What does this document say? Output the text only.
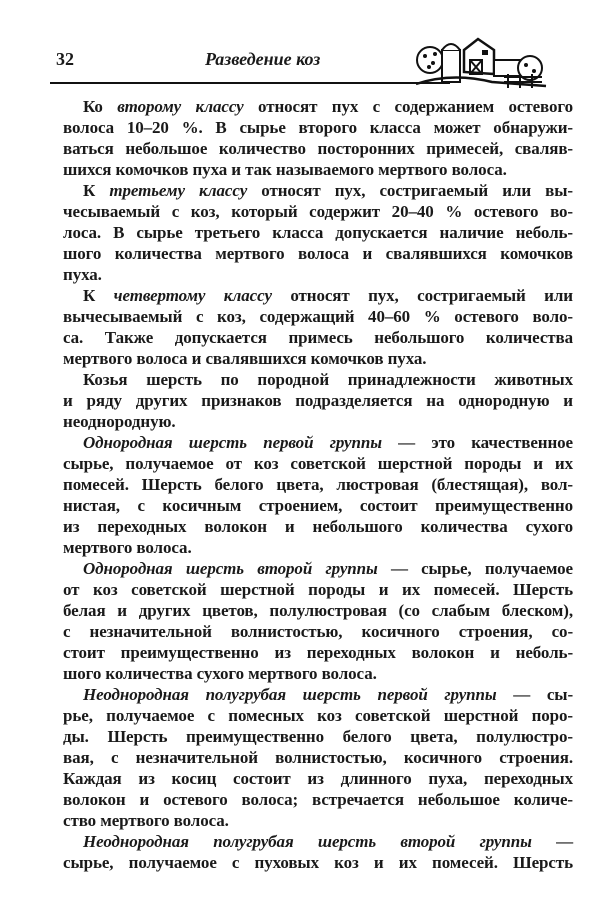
32	Разведение коз
Ко второму классу относят пух с содержанием остевого
волоса 10–20 %. В сырье второго класса может обнаружи-
ваться небольшое количество посторонних примесей, сваляв-
шихся комочков пуха и так называемого мертвого волоса.
К третьему классу относят пух, состригаемый или вы-
чесываемый с коз, который содержит 20–40 % остевого во-
лоса. В сырье третьего класса допускается наличие неболь-
шого количества мертвого волоса и свалявшихся комочков
пуха.
К четвертому классу относят пух, состригаемый или
вычесываемый с коз, содержащий 40–60 % остевого воло-
са. Также допускается примесь небольшого количества
мертвого волоса и свалявшихся комочков пуха.
Козья шерсть по породной принадлежности животных
и ряду других признаков подразделяется на однородную и
неоднородную.
Однородная шерсть первой группы — это качественное
сырье, получаемое от коз советской шерстной породы и их
помесей. Шерсть белого цвета, люстровая (блестящая), вол-
нистая, с косичным строением, состоит преимущественно
из переходных волокон и небольшого количества сухого
мертвого волоса.
Однородная шерсть второй группы — сырье, получаемое
от коз советской шерстной породы и их помесей. Шерсть
белая и других цветов, полулюстровая (со слабым блеском),
с незначительной волнистостью, косичного строения, со-
стоит преимущественно из переходных волокон и неболь-
шого количества сухого мертвого волоса.
Неоднородная полугрубая шерсть первой группы — сы-
рье, получаемое с помесных коз советской шерстной поро-
ды. Шерсть преимущественно белого цвета, полулюстро-
вая, с незначительной волнистостью, косичного строения.
Каждая из косиц состоит из длинного пуха, переходных
волокон и остевого волоса; встречается небольшое количе-
ство мертвого волоса.
Неоднородная полугрубая шерсть второй группы —
сырье, получаемое с пуховых коз и их помесей. Шерсть
